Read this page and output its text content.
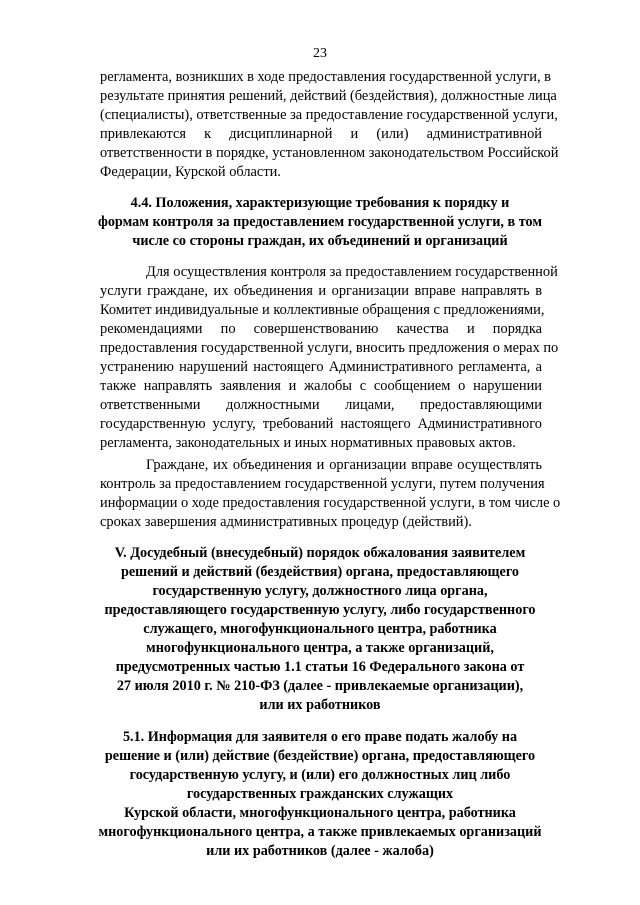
23
регламента, возникших в ходе предоставления государственной услуги, в
результате принятия решений, действий (бездействия), должностные лица
(специалисты), ответственные за предоставление государственной услуги,
привлекаются к дисциплинарной и (или) административной
ответственности в порядке, установленном законодательством Российской
Федерации, Курской области.
4.4. Положения, характеризующие требования к порядку и
формам контроля за предоставлением государственной услуги, в том
числе со стороны граждан, их объединений и организаций
Для осуществления контроля за предоставлением государственной
услуги граждане, их объединения и организации вправе направлять в
Комитет индивидуальные и коллективные обращения с предложениями,
рекомендациями по совершенствованию качества и порядка
предоставления государственной услуги, вносить предложения о мерах по
устранению нарушений настоящего Административного регламента, а
также направлять заявления и жалобы с сообщением о нарушении
ответственными должностными лицами, предоставляющими
государственную услугу, требований настоящего Административного
регламента, законодательных и иных нормативных правовых актов.
Граждане, их объединения и организации вправе осуществлять
контроль за предоставлением государственной услуги, путем получения
информации о ходе предоставления государственной услуги, в том числе о
сроках завершения административных процедур (действий).
V. Досудебный (внесудебный) порядок обжалования заявителем
решений и действий (бездействия) органа, предоставляющего
государственную услугу, должностного лица органа,
предоставляющего государственную услугу, либо государственного
служащего, многофункционального центра, работника
многофункционального центра, а также организаций,
предусмотренных частью 1.1 статьи 16 Федерального закона от
27 июля 2010 г. № 210-ФЗ (далее - привлекаемые организации),
или их работников
5.1. Информация для заявителя о его праве подать жалобу на
решение и (или) действие (бездействие) органа, предоставляющего
государственную услугу, и (или) его должностных лиц либо
государственных гражданских служащих
Курской области, многофункционального центра, работника
многофункционального центра, а также привлекаемых организаций
или их работников (далее - жалоба)
